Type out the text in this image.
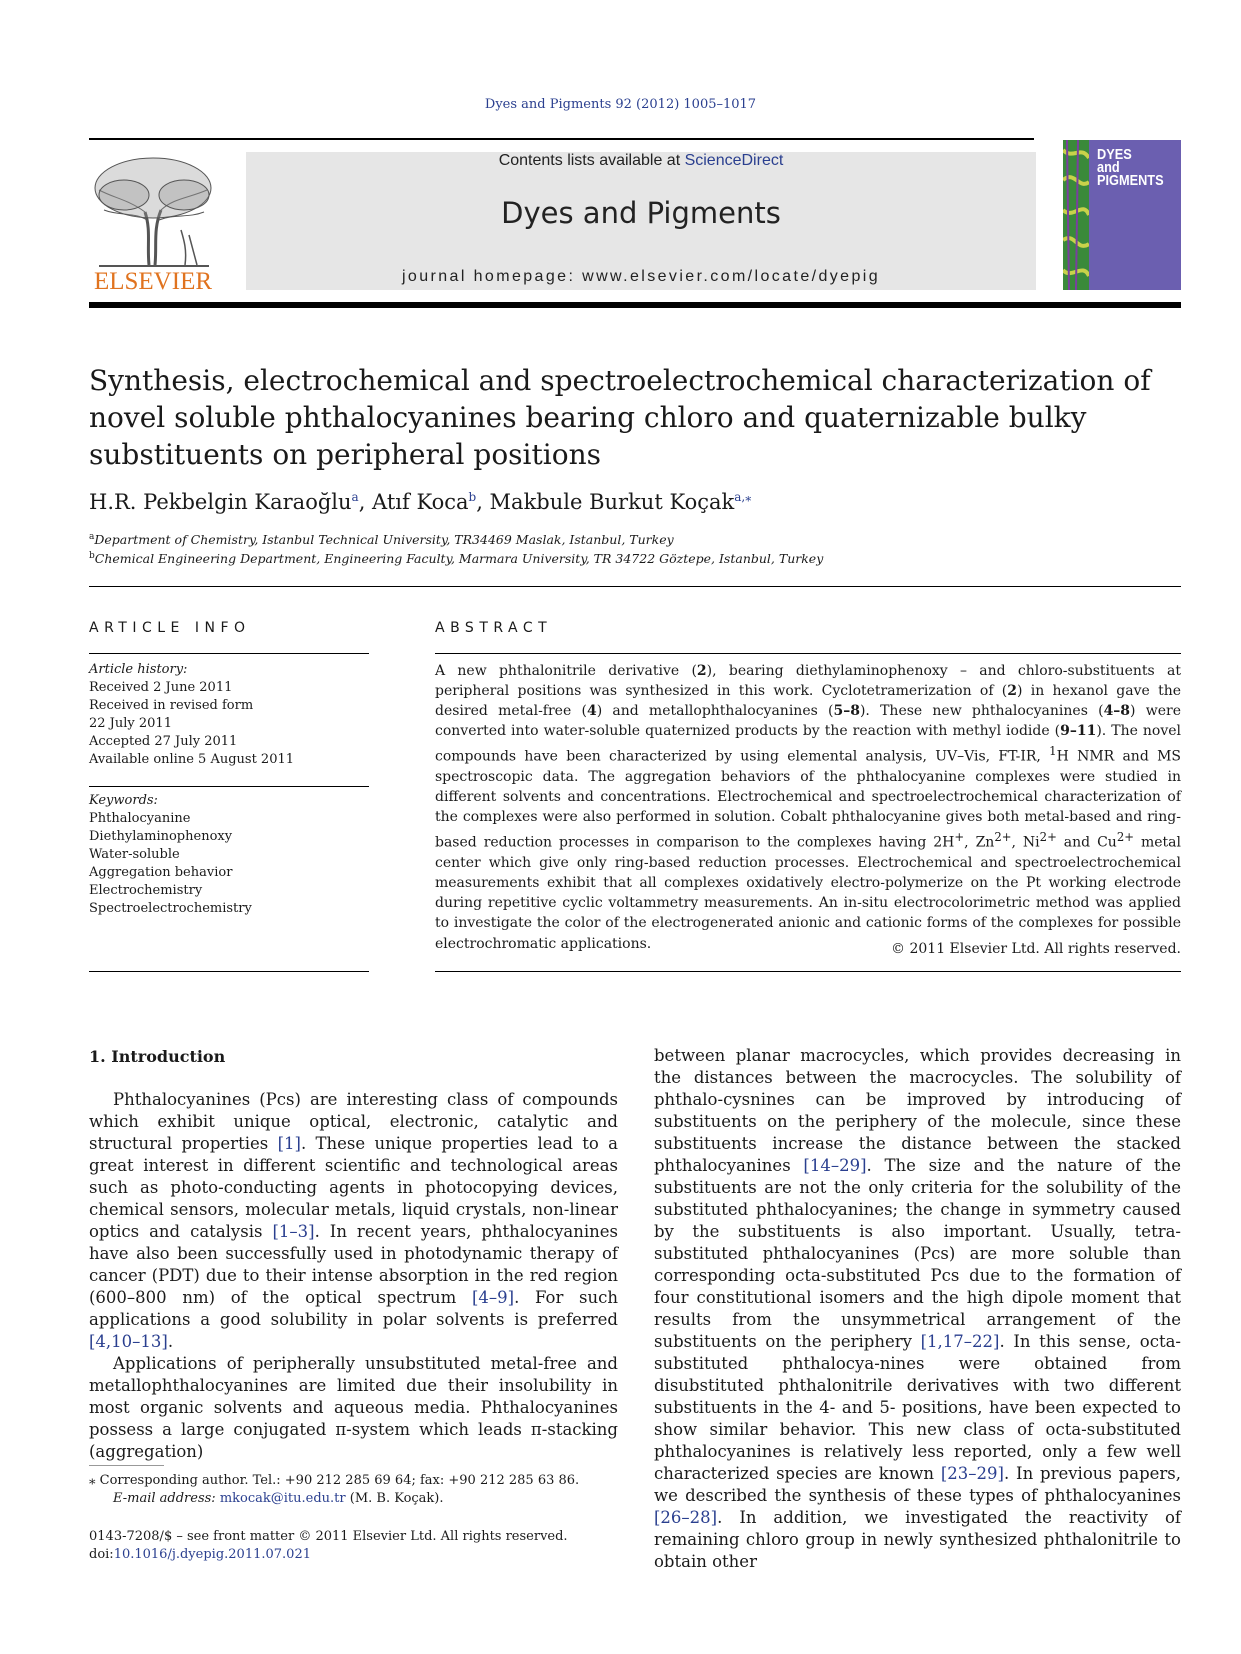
Dyes and Pigments 92 (2012) 1005–1017
ELSEVIER
Contents lists available at ScienceDirect
Dyes and Pigments
journal homepage: www.elsevier.com/locate/dyepig
DYES
and
PIGMENTS
Synthesis, electrochemical and spectroelectrochemical characterization of novel soluble phthalocyanines bearing chloro and quaternizable bulky substituents on peripheral positions
H.R. Pekbelgin Karaoğlu$^a$, Atıf Koca$^b$, Makbule Burkut Koçak$^{a,⁎}$
$^a$Department of Chemistry, Istanbul Technical University, TR34469 Maslak, Istanbul, Turkey
$^b$Chemical Engineering Department, Engineering Faculty, Marmara University, TR 34722 Göztepe, Istanbul, Turkey
ARTICLE INFO
Article history:
Received 2 June 2011
Received in revised form
22 July 2011
Accepted 27 July 2011
Available online 5 August 2011
Keywords:
Phthalocyanine
Diethylaminophenoxy
Water-soluble
Aggregation behavior
Electrochemistry
Spectroelectrochemistry
ABSTRACT
A new phthalonitrile derivative (2), bearing diethylaminophenoxy – and chloro-substituents at peripheral positions was synthesized in this work. Cyclotetramerization of (2) in hexanol gave the desired metal-free (4) and metallophthalocyanines (5–8). These new phthalocyanines (4–8) were converted into water-soluble quaternized products by the reaction with methyl iodide (9–11). The novel compounds have been characterized by using elemental analysis, UV–Vis, FT-IR, $^1$H NMR and MS spectroscopic data. The aggregation behaviors of the phthalocyanine complexes were studied in different solvents and concentrations. Electrochemical and spectroelectrochemical characterization of the complexes were also performed in solution. Cobalt phthalocyanine gives both metal-based and ring-based reduction processes in comparison to the complexes having 2H+, $Zn^{2+}$, $Ni^{2+}$ and $Cu^{2+}$ metal center which give only ring-based reduction processes. Electrochemical and spectroelectrochemical measurements exhibit that all complexes oxidatively electro-polymerize on the Pt working electrode during repetitive cyclic voltammetry measurements. An in-situ electrocolorimetric method was applied to investigate the color of the electrogenerated anionic and cationic forms of the complexes for possible electrochromatic applications.	© 2011 Elsevier Ltd. All rights reserved.
1. Introduction

Phthalocyanines (Pcs) are interesting class of compounds which exhibit unique optical, electronic, catalytic and structural properties [1]. These unique properties lead to a great interest in different scientific and technological areas such as photo-conducting agents in photocopying devices, chemical sensors, molecular metals, liquid crystals, non-linear optics and catalysis [1–3]. In recent years, phthalocyanines have also been successfully used in photodynamic therapy of cancer (PDT) due to their intense absorption in the red region (600–800 nm) of the optical spectrum [4–9]. For such applications a good solubility in polar solvents is preferred [4,10–13].

Applications of peripherally unsubstituted metal-free and metallophthalocyanines are limited due their insolubility in most organic solvents and aqueous media. Phthalocyanines possess a large conjugated π-system which leads π-stacking (aggregation)

between planar macrocycles, which provides decreasing in the distances between the macrocycles. The solubility of phthalo-cysnines can be improved by introducing of substituents on the periphery of the molecule, since these substituents increase the distance between the stacked phthalocyanines [14–29]. The size and the nature of the substituents are not the only criteria for the solubility of the substituted phthalocyanines; the change in symmetry caused by the substituents is also important. Usually, tetra-substituted phthalocyanines (Pcs) are more soluble than corresponding octa-substituted Pcs due to the formation of four constitutional isomers and the high dipole moment that results from the unsymmetrical arrangement of the substituents on the periphery [1,17–22]. In this sense, octa-substituted phthalocya-nines were obtained from disubstituted phthalonitrile derivatives with two different substituents in the 4- and 5- positions, have been expected to show similar behavior. This new class of octa-substituted phthalocyanines is relatively less reported, only a few well characterized species are known [23–29]. In previous papers, we described the synthesis of these types of phthalocyanines [26–28]. In addition, we investigated the reactivity of remaining chloro group in newly synthesized phthalonitrile to obtain other

⁎ Corresponding author. Tel.: +90 212 285 69 64; fax: +90 212 285 63 86.
E-mail address: mkocak@itu.edu.tr (M. B. Koçak).
0143-7208/$ – see front matter © 2011 Elsevier Ltd. All rights reserved.
doi:10.1016/j.dyepig.2011.07.021
